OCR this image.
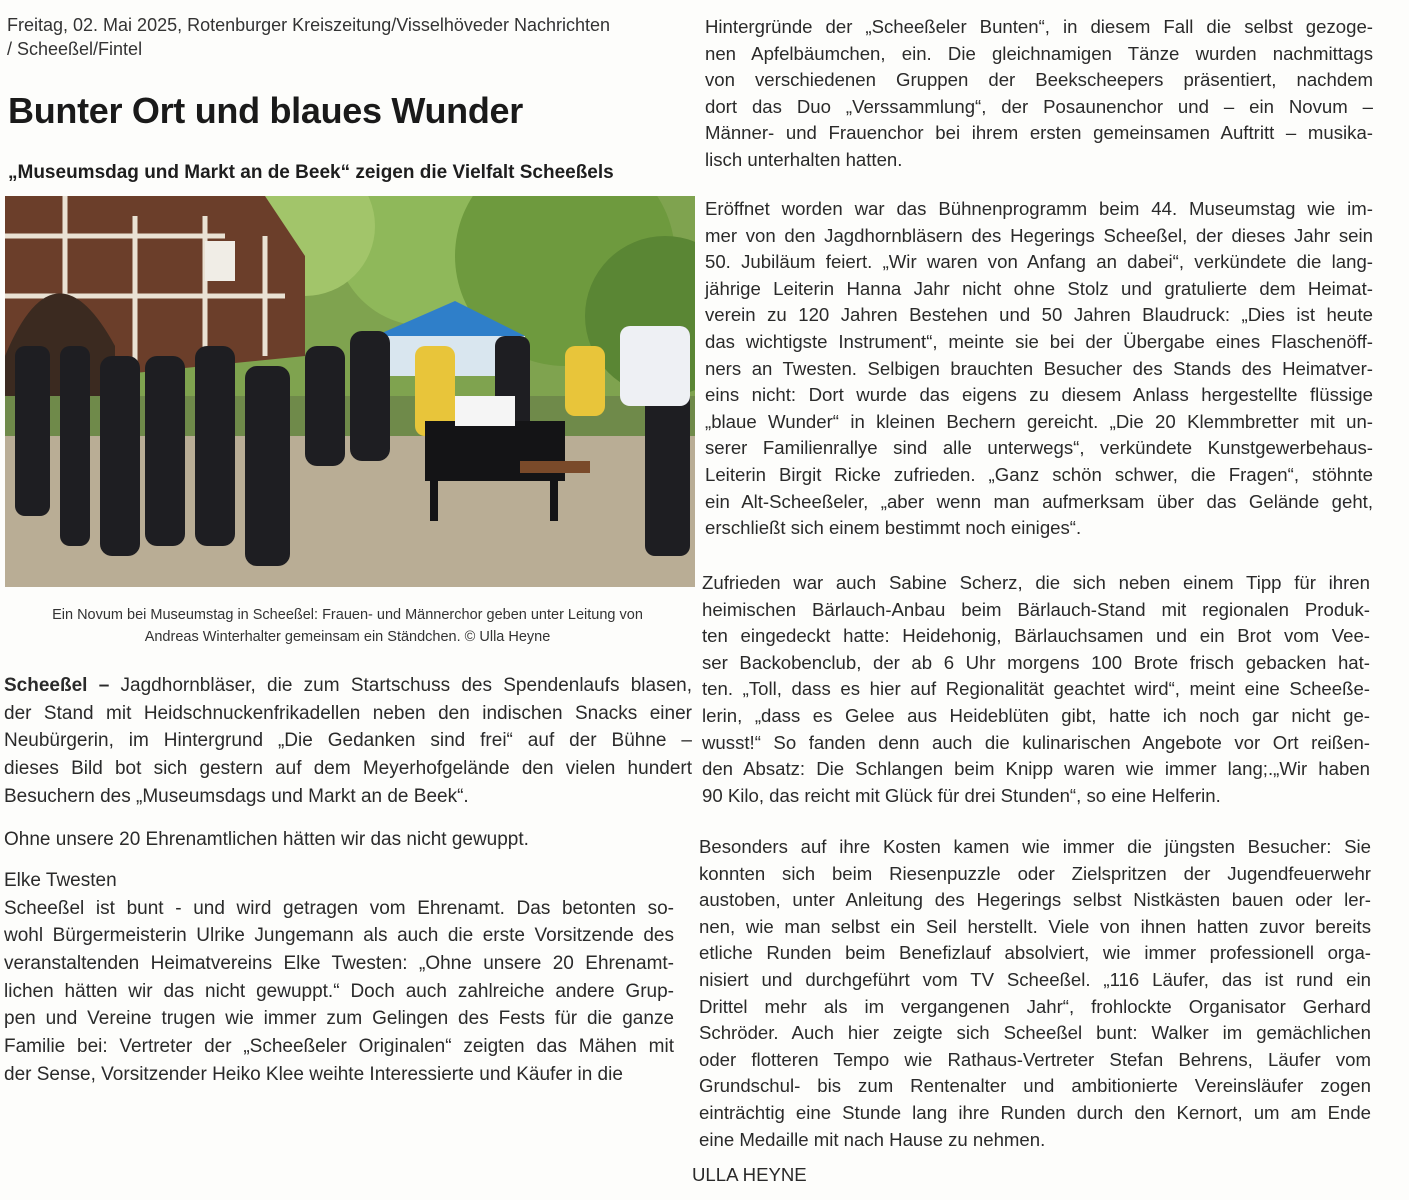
Freitag, 02. Mai 2025, Rotenburger Kreiszeitung/Visselhöveder Nachrichten
/ Scheeßel/Fintel
Bunter Ort und blaues Wunder
„Museumsdag und Markt an de Beek“ zeigen die Vielfalt Scheeßels
Ein Novum bei Museumstag in Scheeßel: Frauen- und Männerchor geben unter Leitung von
Andreas Winterhalter gemeinsam ein Ständchen. © Ulla Heyne
Scheeßel – Jagdhornbläser, die zum Startschuss des Spendenlaufs blasen,
der Stand mit Heidschnuckenfrikadellen neben den indischen Snacks einer
Neubürgerin, im Hintergrund „Die Gedanken sind frei“ auf der Bühne –
dieses Bild bot sich gestern auf dem Meyerhofgelände den vielen hundert
Besuchern des „Museumsdags und Markt an de Beek“.
Ohne unsere 20 Ehrenamtlichen hätten wir das nicht gewuppt.
Elke Twesten
Scheeßel ist bunt - und wird getragen vom Ehrenamt. Das betonten so-
wohl Bürgermeisterin Ulrike Jungemann als auch die erste Vorsitzende des
veranstaltenden Heimatvereins Elke Twesten: „Ohne unsere 20 Ehrenamt-
lichen hätten wir das nicht gewuppt.“ Doch auch zahlreiche andere Grup-
pen und Vereine trugen wie immer zum Gelingen des Fests für die ganze
Familie bei: Vertreter der „Scheeßeler Originalen“ zeigten das Mähen mit
der Sense, Vorsitzender Heiko Klee weihte Interessierte und Käufer in die
Hintergründe der „Scheeßeler Bunten“, in diesem Fall die selbst gezoge-
nen Apfelbäumchen, ein. Die gleichnamigen Tänze wurden nachmittags
von verschiedenen Gruppen der Beekscheepers präsentiert, nachdem
dort das Duo „Verssammlung“, der Posaunenchor und – ein Novum –
Männer- und Frauenchor bei ihrem ersten gemeinsamen Auftritt – musika-
lisch unterhalten hatten.
Eröffnet worden war das Bühnenprogramm beim 44. Museumstag wie im-
mer von den Jagdhornbläsern des Hegerings Scheeßel, der dieses Jahr sein
50. Jubiläum feiert. „Wir waren von Anfang an dabei“, verkündete die lang-
jährige Leiterin Hanna Jahr nicht ohne Stolz und gratulierte dem Heimat-
verein zu 120 Jahren Bestehen und 50 Jahren Blaudruck: „Dies ist heute
das wichtigste Instrument“, meinte sie bei der Übergabe eines Flaschenöff-
ners an Twesten. Selbigen brauchten Besucher des Stands des Heimatver-
eins nicht: Dort wurde das eigens zu diesem Anlass hergestellte flüssige
„blaue Wunder“ in kleinen Bechern gereicht. „Die 20 Klemmbretter mit un-
serer Familienrallye sind alle unterwegs“, verkündete Kunstgewerbehaus-
Leiterin Birgit Ricke zufrieden. „Ganz schön schwer, die Fragen“, stöhnte
ein Alt-Scheeßeler, „aber wenn man aufmerksam über das Gelände geht,
erschließt sich einem bestimmt noch einiges“.
Zufrieden war auch Sabine Scherz, die sich neben einem Tipp für ihren
heimischen Bärlauch-Anbau beim Bärlauch-Stand mit regionalen Produk-
ten eingedeckt hatte: Heidehonig, Bärlauchsamen und ein Brot vom Vee-
ser Backobenclub, der ab 6 Uhr morgens 100 Brote frisch gebacken hat-
ten. „Toll, dass es hier auf Regionalität geachtet wird“, meint eine Scheeße-
lerin, „dass es Gelee aus Heideblüten gibt, hatte ich noch gar nicht ge-
wusst!“ So fanden denn auch die kulinarischen Angebote vor Ort reißen-
den Absatz: Die Schlangen beim Knipp waren wie immer lang;.„Wir haben
90 Kilo, das reicht mit Glück für drei Stunden“, so eine Helferin.
Besonders auf ihre Kosten kamen wie immer die jüngsten Besucher: Sie
konnten sich beim Riesenpuzzle oder Zielspritzen der Jugendfeuerwehr
austoben, unter Anleitung des Hegerings selbst Nistkästen bauen oder ler-
nen, wie man selbst ein Seil herstellt. Viele von ihnen hatten zuvor bereits
etliche Runden beim Benefizlauf absolviert, wie immer professionell orga-
nisiert und durchgeführt vom TV Scheeßel. „116 Läufer, das ist rund ein
Drittel mehr als im vergangenen Jahr“, frohlockte Organisator Gerhard
Schröder. Auch hier zeigte sich Scheeßel bunt: Walker im gemächlichen
oder flotteren Tempo wie Rathaus-Vertreter Stefan Behrens, Läufer vom
Grundschul- bis zum Rentenalter und ambitionierte Vereinsläufer zogen
einträchtig eine Stunde lang ihre Runden durch den Kernort, um am Ende
eine Medaille mit nach Hause zu nehmen.
ULLA HEYNE
